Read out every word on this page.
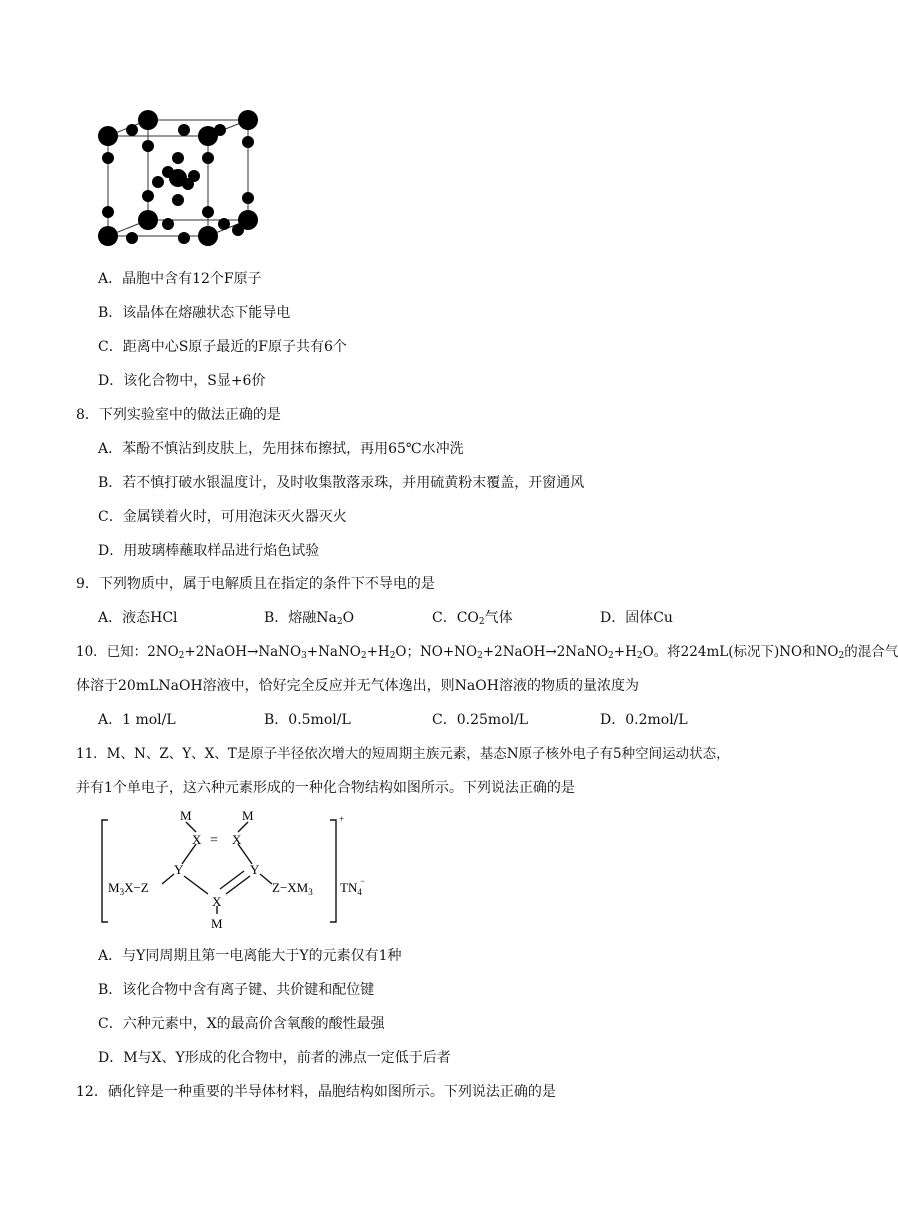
A．晶胞中含有12个F原子
B．该晶体在熔融状态下能导电
C．距离中心S原子最近的F原子共有6个
D．该化合物中，S显+6价
8．下列实验室中的做法正确的是
A．苯酚不慎沾到皮肤上，先用抹布擦拭，再用65℃水冲洗
B．若不慎打破水银温度计，及时收集散落汞珠，并用硫黄粉末覆盖，开窗通风
C．金属镁着火时，可用泡沫灭火器灭火
D．用玻璃棒蘸取样品进行焰色试验
9．下列物质中，属于电解质且在指定的条件下不导电的是
A．液态HCl	B．熔融$Na_2O$	C．$CO_2$气体	D．固体Cu
10．已知：$2NO_2+2NaOH\to NaNO_3+NaNO_2+H_2O$；$NO+NO_2+2NaOH\to 2NaNO_2+H_2O$。将224mL(标况下)NO和$NO_2$的混合气
体溶于20mLNaOH溶液中，恰好完全反应并无气体逸出，则NaOH溶液的物质的量浓度为
A．1 mol/L	B．0.5mol/L	C．0.25mol/L	D．0.2mol/L
11．M、N、Z、Y、X、T是原子半径依次增大的短周期主族元素，基态N原子核外电子有5种空间运动状态，
并有1个单电子，这六种元素形成的一种化合物结构如图所示。下列说法正确的是
M	M
X = X
Y	Y
$M_3X-Z$	$Z-XM_3$
X
M
+
$TN_4$
−
A．与Y同周期且第一电离能大于Y的元素仅有1种
B．该化合物中含有离子键、共价键和配位键
C．六种元素中，X的最高价含氧酸的酸性最强
D．M与X、Y形成的化合物中，前者的沸点一定低于后者
12．硒化锌是一种重要的半导体材料，晶胞结构如图所示。下列说法正确的是
